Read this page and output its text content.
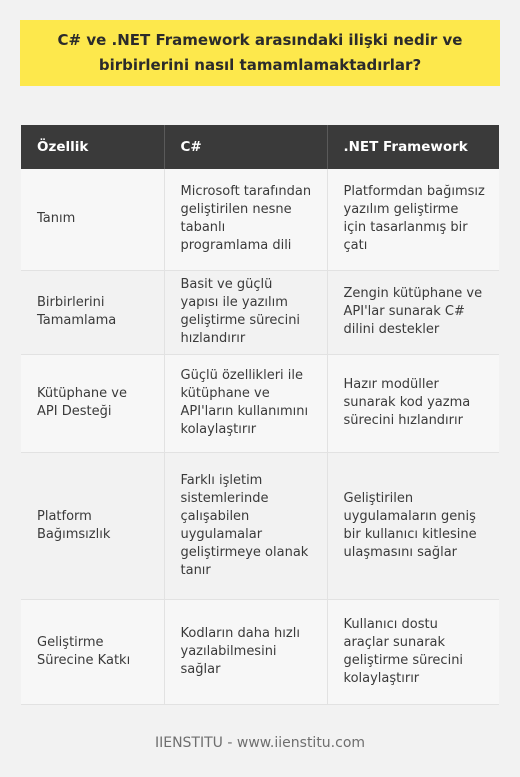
C# ve .NET Framework arasındaki ilişki nedir ve birbirlerini nasıl tamamlamaktadırlar?
Özellik	C#	.NET Framework
Tanım	Microsoft tarafından geliştirilen nesne tabanlı programlama dili	Platformdan bağımsız yazılım geliştirme için tasarlanmış bir çatı
Birbirlerini Tamamlama	Basit ve güçlü yapısı ile yazılım geliştirme sürecini hızlandırır	Zengin kütüphane ve API'lar sunarak C# dilini destekler
Kütüphane ve API Desteği	Güçlü özellikleri ile kütüphane ve API'ların kullanımını kolaylaştırır	Hazır modüller sunarak kod yazma sürecini hızlandırır
Platform Bağımsızlık	Farklı işletim sistemlerinde çalışabilen uygulamalar geliştirmeye olanak tanır	Geliştirilen uygulamaların geniş bir kullanıcı kitlesine ulaşmasını sağlar
Geliştirme Sürecine Katkı	Kodların daha hızlı yazılabilmesini sağlar	Kullanıcı dostu araçlar sunarak geliştirme sürecini kolaylaştırır
IIENSTITU - www.iienstitu.com
